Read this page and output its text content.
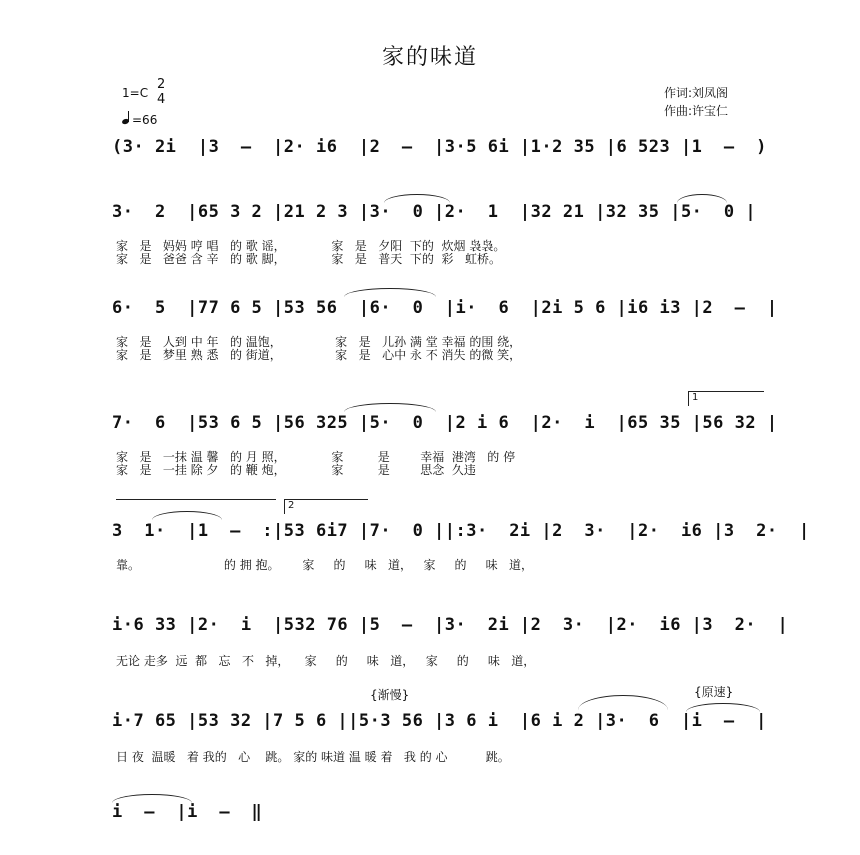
家的味道
1=C
2
4
=66
作词:刘凤阁
作曲:许宝仁
(3· 2i  |3  –  |2· i6  |2  –  |3·5 6i |1·2 35 |6 523 |1  –  )
3·  2  |65 3 2 |21 2 3 |3·  0 |2·  1  |32 21 |32 35 |5·  0 |
家   是   妈妈 哼 唱   的 歌 谣，            家   是   夕阳  下的  炊烟 袅袅。
家   是   爸爸 含 辛   的 歌 脚，            家   是   普天  下的  彩   虹桥。
6·  5  |77 6 5 |53 56  |6·  0  |i·  6  |2i 5 6 |i6 i3 |2  –  |
家   是   人到 中 年   的 温饱，              家   是   儿孙 满 堂 幸福 的围 绕，
家   是   梦里 熟 悉   的 街道，              家   是   心中 永 不 消失 的微 笑，
1
7·  6  |53 6 5 |56 325 |5·  0  |2 i 6  |2·  i  |65 35 |56 32 |
家   是   一抹 温 馨   的 月 照，            家         是        幸福  港湾   的 停
家   是   一挂 除 夕   的 鞭 炮，            家         是        思念  久违
2
3  1·  |1  –  :|53 6i7 |7·  0 ||:3·  2i |2  3·  |2·  i6 |3  2·  |
靠。                      的 拥 抱。      家     的     味   道，   家     的     味   道，
i·6 33 |2·  i  |532 76 |5  –  |3·  2i |2  3·  |2·  i6 |3  2·  |
无论 走多  远  都   忘   不   掉，    家     的     味   道，   家     的     味   道，
{渐慢}	{原速}
i·7 65 |53 32 |7 5 6 ||5·3 56 |3 6 i  |6 i 2 |3·  6  |i  –  |
日 夜  温暖   着 我的   心    跳。 家的 味道 温 暖 着   我 的 心          跳。
i  –  |i  –  ‖
